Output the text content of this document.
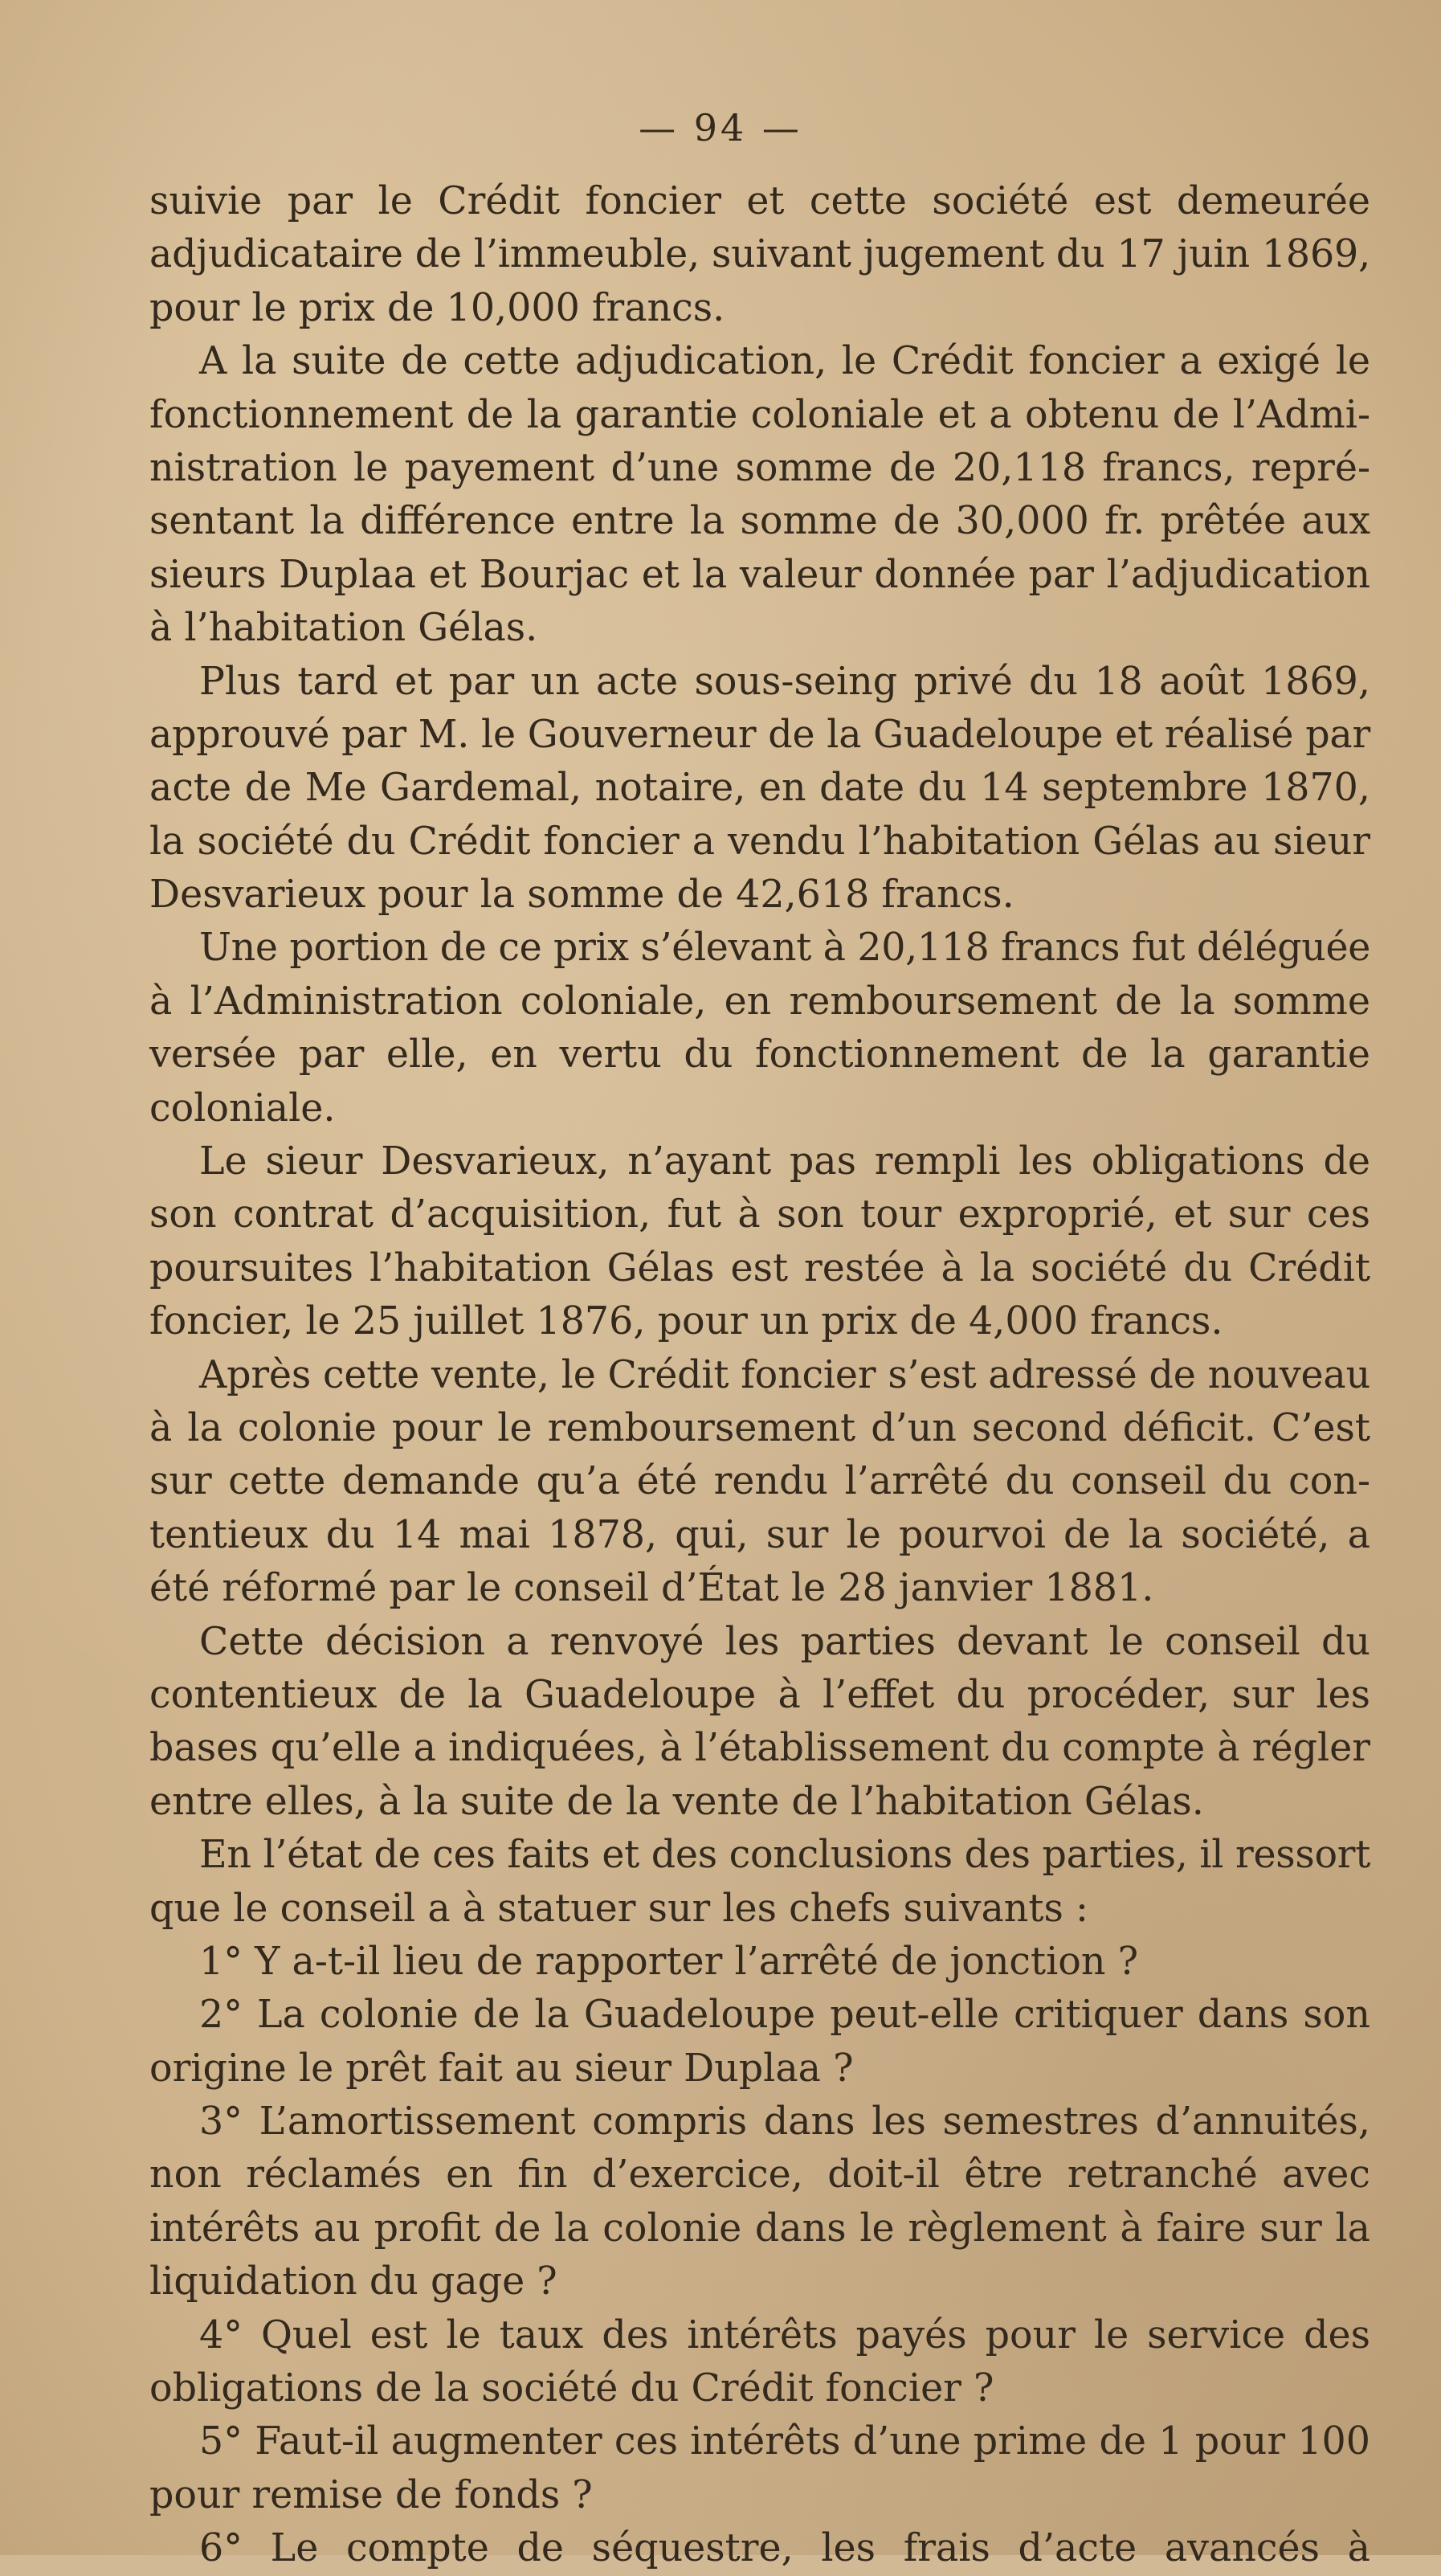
— 94 —
suivie par le Crédit foncier et cette société est demeurée
adjudicataire de l’immeuble, suivant jugement du 17 juin 1869,
pour le prix de 10,000 francs.
A la suite de cette adjudication, le Crédit foncier a exigé le
fonctionnement de la garantie coloniale et a obtenu de l’Admi-
nistration le payement d’une somme de 20,118 francs, repré-
sentant la différence entre la somme de 30,000 fr. prêtée aux
sieurs Duplaa et Bourjac et la valeur donnée par l’adjudication
à l’habitation Gélas.
Plus tard et par un acte sous-seing privé du 18 août 1869,
approuvé par M. le Gouverneur de la Guadeloupe et réalisé par
acte de Me Gardemal, notaire, en date du 14 septembre 1870,
la société du Crédit foncier a vendu l’habitation Gélas au sieur
Desvarieux pour la somme de 42,618 francs.
Une portion de ce prix s’élevant à 20,118 francs fut déléguée
à l’Administration coloniale, en remboursement de la somme
versée par elle, en vertu du fonctionnement de la garantie
coloniale.
Le sieur Desvarieux, n’ayant pas rempli les obligations de
son contrat d’acquisition, fut à son tour exproprié, et sur ces
poursuites l’habitation Gélas est restée à la société du Crédit
foncier, le 25 juillet 1876, pour un prix de 4,000 francs.
Après cette vente, le Crédit foncier s’est adressé de nouveau
à la colonie pour le remboursement d’un second déficit. C’est
sur cette demande qu’a été rendu l’arrêté du conseil du con-
tentieux du 14 mai 1878, qui, sur le pourvoi de la société, a
été réformé par le conseil d’État le 28 janvier 1881.
Cette décision a renvoyé les parties devant le conseil du
contentieux de la Guadeloupe à l’effet du procéder, sur les
bases qu’elle a indiquées, à l’établissement du compte à régler
entre elles, à la suite de la vente de l’habitation Gélas.
En l’état de ces faits et des conclusions des parties, il ressort
que le conseil a à statuer sur les chefs suivants :
1° Y a-t-il lieu de rapporter l’arrêté de jonction ?
2° La colonie de la Guadeloupe peut-elle critiquer dans son
origine le prêt fait au sieur Duplaa ?
3° L’amortissement compris dans les semestres d’annuités,
non réclamés en fin d’exercice, doit-il être retranché avec
intérêts au profit de la colonie dans le règlement à faire sur la
liquidation du gage ?
4° Quel est le taux des intérêts payés pour le service des
obligations de la société du Crédit foncier ?
5° Faut-il augmenter ces intérêts d’une prime de 1 pour 100
pour remise de fonds ?
6° Le compte de séquestre, les frais d’acte avancés à
